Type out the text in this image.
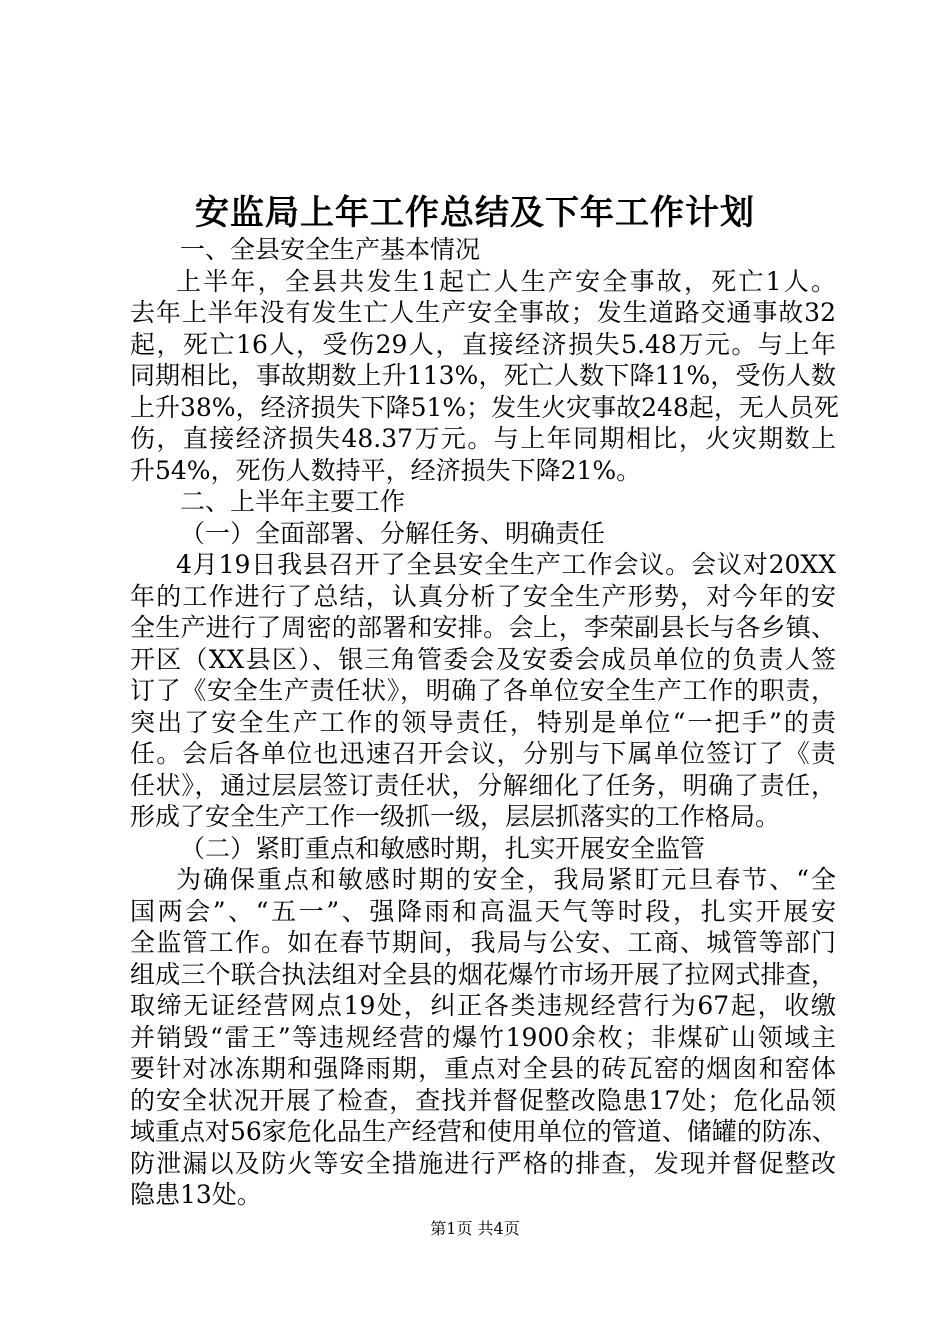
安监局上年工作总结及下年工作计划
一、全县安全生产基本情况
上半年，全县共发生1起亡人生产安全事故，死亡1人。
去年上半年没有发生亡人生产安全事故；发生道路交通事故32
起，死亡16人，受伤29人，直接经济损失5.48万元。与上年
同期相比，事故期数上升113%，死亡人数下降11%，受伤人数
上升38%，经济损失下降51%；发生火灾事故248起，无人员死
伤，直接经济损失48.37万元。与上年同期相比，火灾期数上
升54%，死伤人数持平，经济损失下降21%。
二、上半年主要工作
（一）全面部署、分解任务、明确责任
4月19日我县召开了全县安全生产工作会议。会议对20XX
年的工作进行了总结，认真分析了安全生产形势，对今年的安
全生产进行了周密的部署和安排。会上，李荣副县长与各乡镇、
开区（XX县区）、银三角管委会及安委会成员单位的负责人签
订了《安全生产责任状》，明确了各单位安全生产工作的职责，
突出了安全生产工作的领导责任，特别是单位“一把手”的责
任。会后各单位也迅速召开会议，分别与下属单位签订了《责
任状》，通过层层签订责任状，分解细化了任务，明确了责任，
形成了安全生产工作一级抓一级，层层抓落实的工作格局。
（二）紧盯重点和敏感时期，扎实开展安全监管
为确保重点和敏感时期的安全，我局紧盯元旦春节、“全
国两会”、“五一”、强降雨和高温天气等时段，扎实开展安
全监管工作。如在春节期间，我局与公安、工商、城管等部门
组成三个联合执法组对全县的烟花爆竹市场开展了拉网式排查，
取缔无证经营网点19处，纠正各类违规经营行为67起，收缴
并销毁“雷王”等违规经营的爆竹1900余枚；非煤矿山领域主
要针对冰冻期和强降雨期，重点对全县的砖瓦窑的烟囱和窑体
的安全状况开展了检查，查找并督促整改隐患17处；危化品领
域重点对56家危化品生产经营和使用单位的管道、储罐的防冻、
防泄漏以及防火等安全措施进行严格的排查，发现并督促整改
隐患13处。
第1页 共4页
